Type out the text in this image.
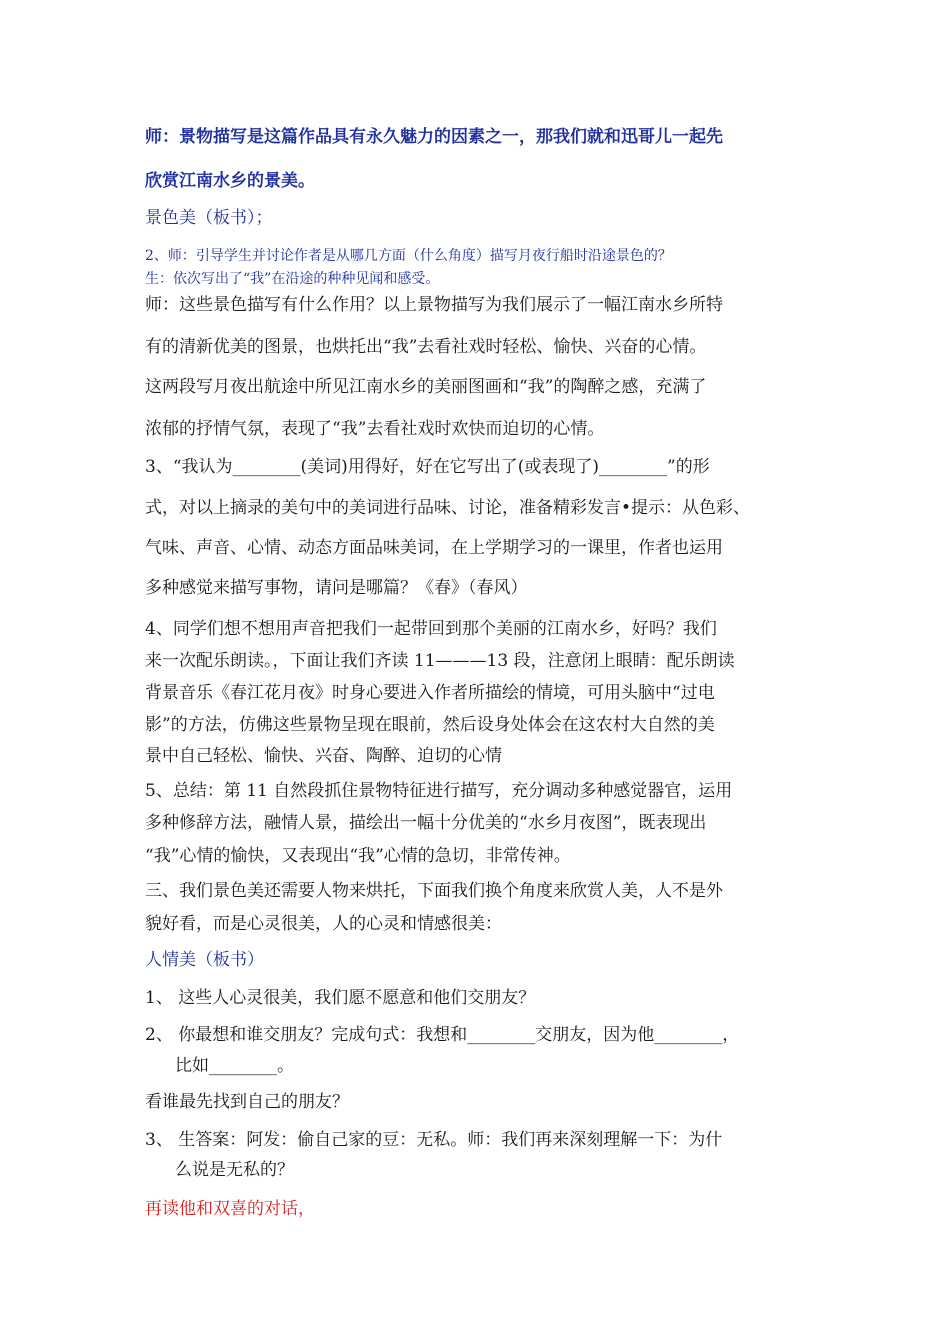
师：景物描写是这篇作品具有永久魅力的因素之一，那我们就和迅哥儿一起先
欣赏江南水乡的景美。
景色美（板书）；
2、师：引导学生并讨论作者是从哪几方面（什么角度）描写月夜行船时沿途景色的？
生：依次写出了“我”在沿途的种种见闻和感受。
师：这些景色描写有什么作用？以上景物描写为我们展示了一幅江南水乡所特
有的清新优美的图景，也烘托出“我”去看社戏时轻松、愉快、兴奋的心情。
这两段写月夜出航途中所见江南水乡的美丽图画和“我”的陶醉之感，充满了
浓郁的抒情气氛，表现了“我”去看社戏时欢快而迫切的心情。
3、“我认为________(美词)用得好，好在它写出了(或表现了)________”的形
式，对以上摘录的美句中的美词进行品味、讨论，准备精彩发言•提示：从色彩、
气味、声音、心情、动态方面品味美词，在上学期学习的一课里，作者也运用
多种感觉来描写事物，请问是哪篇？《春》（春风）
4、同学们想不想用声音把我们一起带回到那个美丽的江南水乡，好吗？我们
来一次配乐朗读。，下面让我们齐读 11———13 段，注意闭上眼睛：配乐朗读
背景音乐《春江花月夜》时身心要进入作者所描绘的情境，可用头脑中“过电
影”的方法，仿佛这些景物呈现在眼前，然后设身处体会在这农村大自然的美
景中自己轻松、愉快、兴奋、陶醉、迫切的心情
5、总结：第 11 自然段抓住景物特征进行描写，充分调动多种感觉器官，运用
多种修辞方法，融情人景，描绘出一幅十分优美的“水乡月夜图”，既表现出
“我”心情的愉快，又表现出“我”心情的急切，非常传神。
三、我们景色美还需要人物来烘托，下面我们换个角度来欣赏人美，人不是外
貌好看，而是心灵很美，人的心灵和情感很美：
人情美（板书）
1、 这些人心灵很美，我们愿不愿意和他们交朋友？
2、 你最想和谁交朋友？完成句式：我想和________交朋友，因为他________，
比如________。
看谁最先找到自己的朋友？
3、 生答案：阿发：偷自己家的豆：无私。师：我们再来深刻理解一下：为什
么说是无私的？
再读他和双喜的对话，
